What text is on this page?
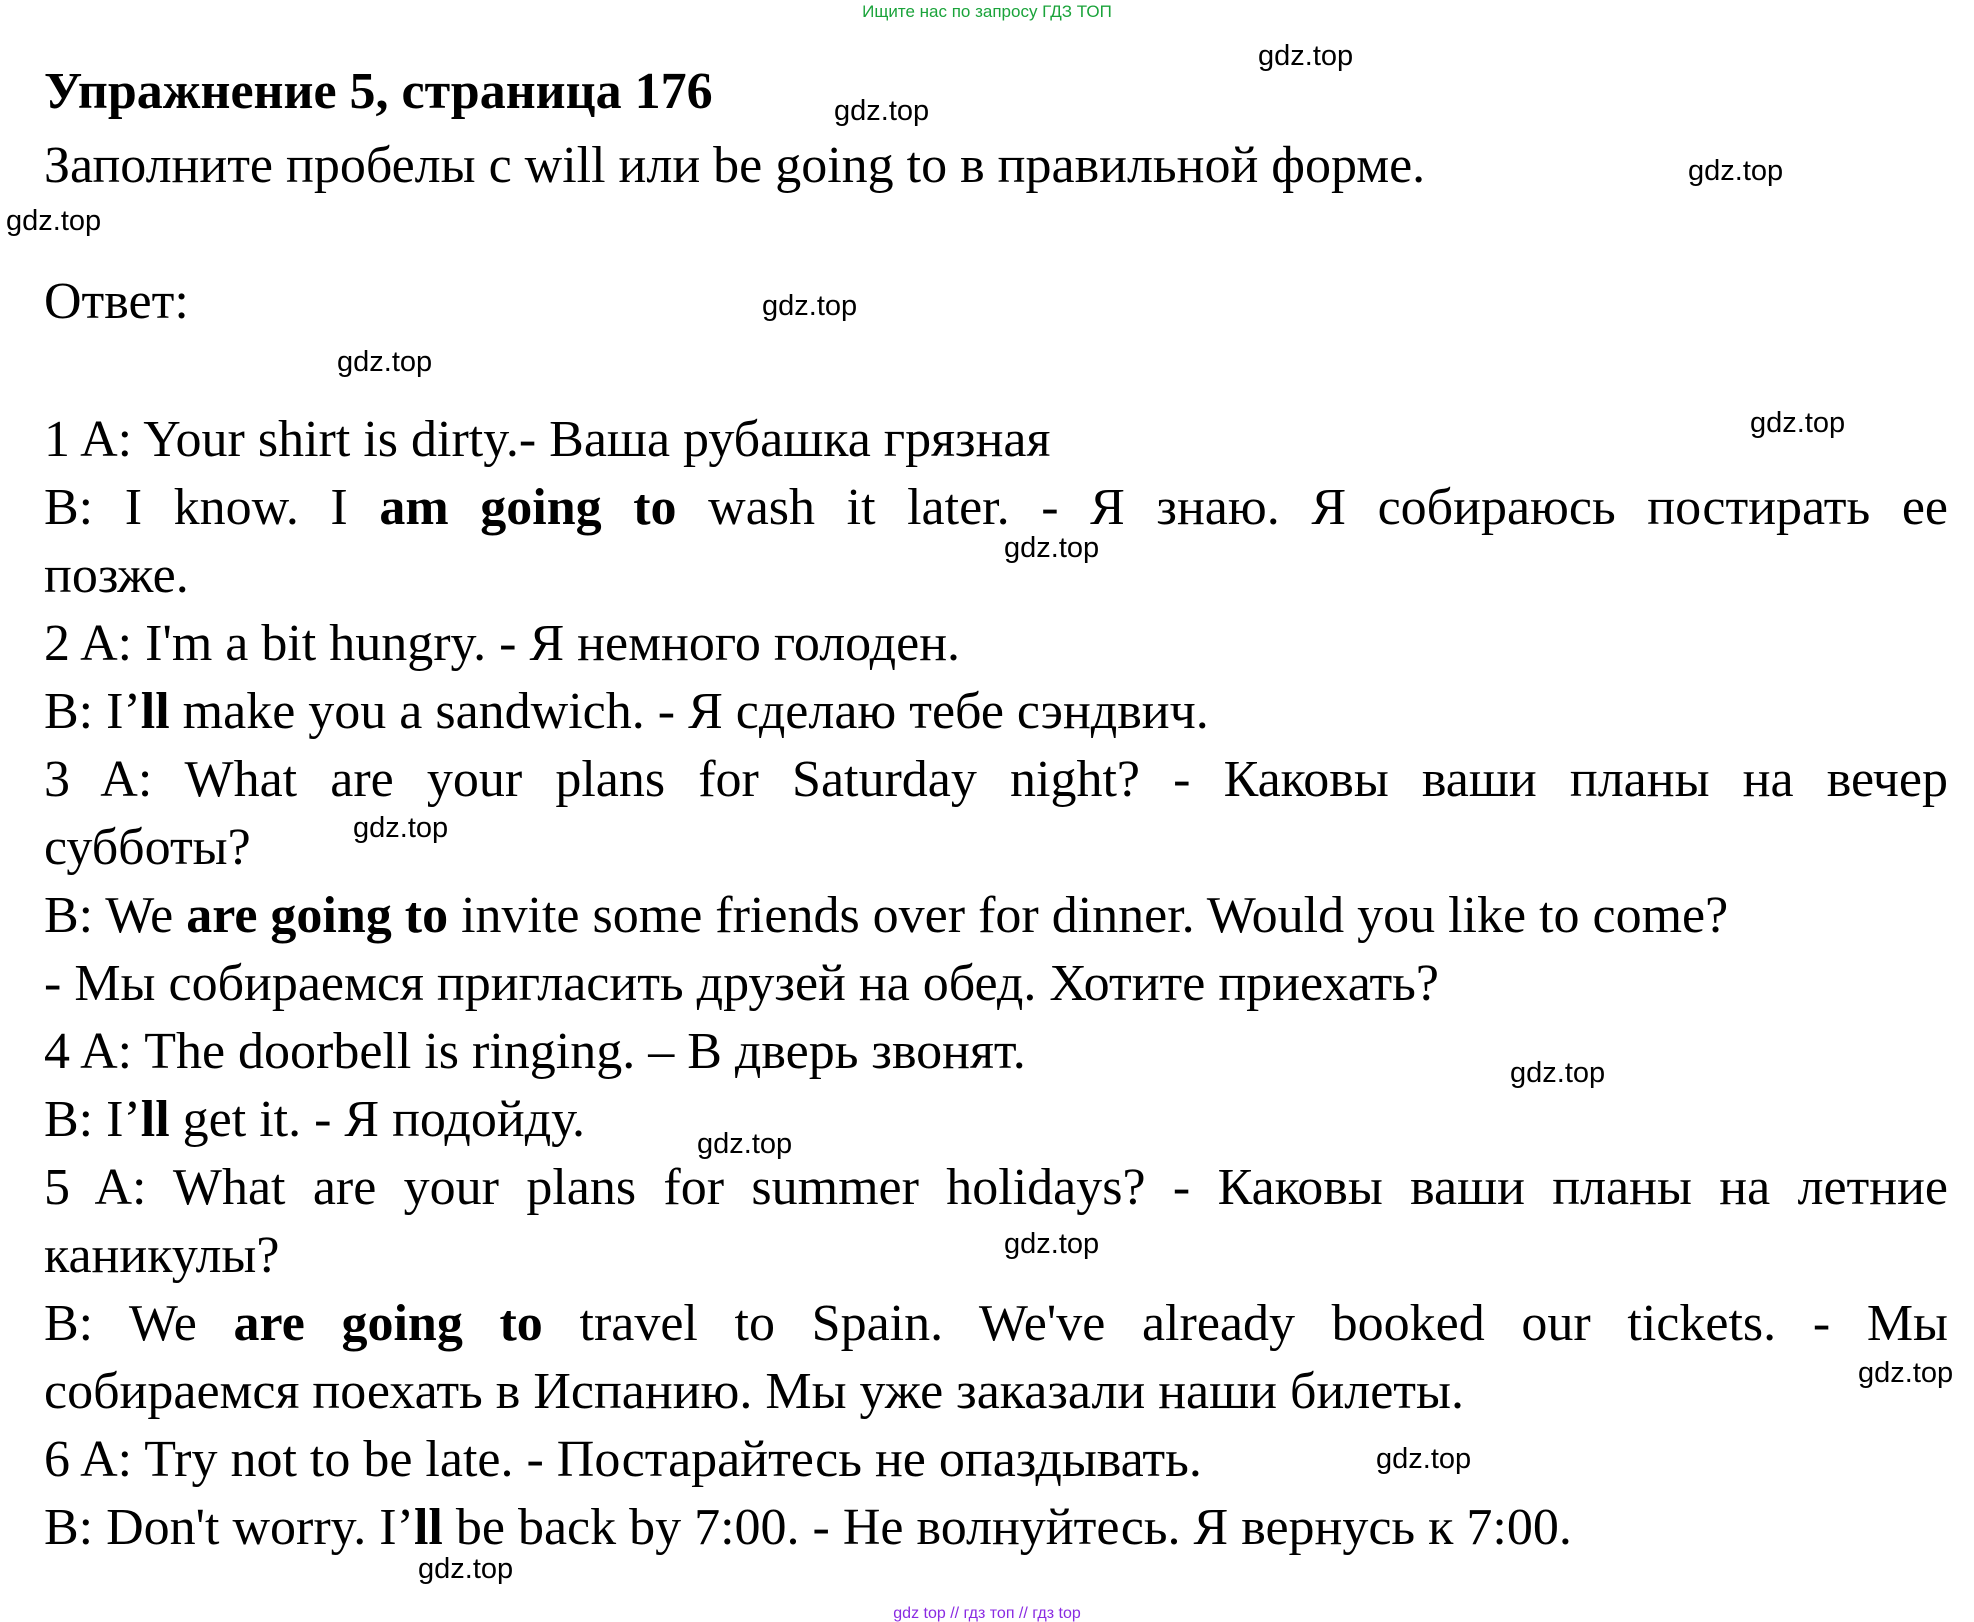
Ищите нас по запросу ГДЗ ТОП
Упражнение 5, страница 176
Заполните пробелы с will или be going to в правильной форме.
Ответ:
1 A: Your shirt is dirty.- Ваша рубашка грязная
B: I know. I am going to wash it later. - Я знаю. Я собираюсь постирать ее
позже.
2 A: I'm a bit hungry. - Я немного голоден.
B: I’ll make you a sandwich. - Я сделаю тебе сэндвич.
3 A: What are your plans for Saturday night? - Каковы ваши планы на вечер
субботы?
B: We are going to invite some friends over for dinner. Would you like to come?
- Мы собираемся пригласить друзей на обед. Хотите приехать?
4 A: The doorbell is ringing. – В дверь звонят.
B: I’ll get it. - Я подойду.
5 A: What are your plans for summer holidays? - Каковы ваши планы на летние
каникулы?
B: We are going to travel to Spain. We've already booked our tickets. - Мы
собираемся поехать в Испанию. Мы уже заказали наши билеты.
6 A: Try not to be late. - Постарайтесь не опаздывать.
B: Don't worry. I’ll be back by 7:00. - Не волнуйтесь. Я вернусь к 7:00.
gdz.top
gdz.top
gdz.top
gdz.top
gdz.top
gdz.top
gdz.top
gdz.top
gdz.top
gdz.top
gdz.top
gdz.top
gdz.top
gdz.top
gdz.top
gdz top // гдз топ // гдз top
